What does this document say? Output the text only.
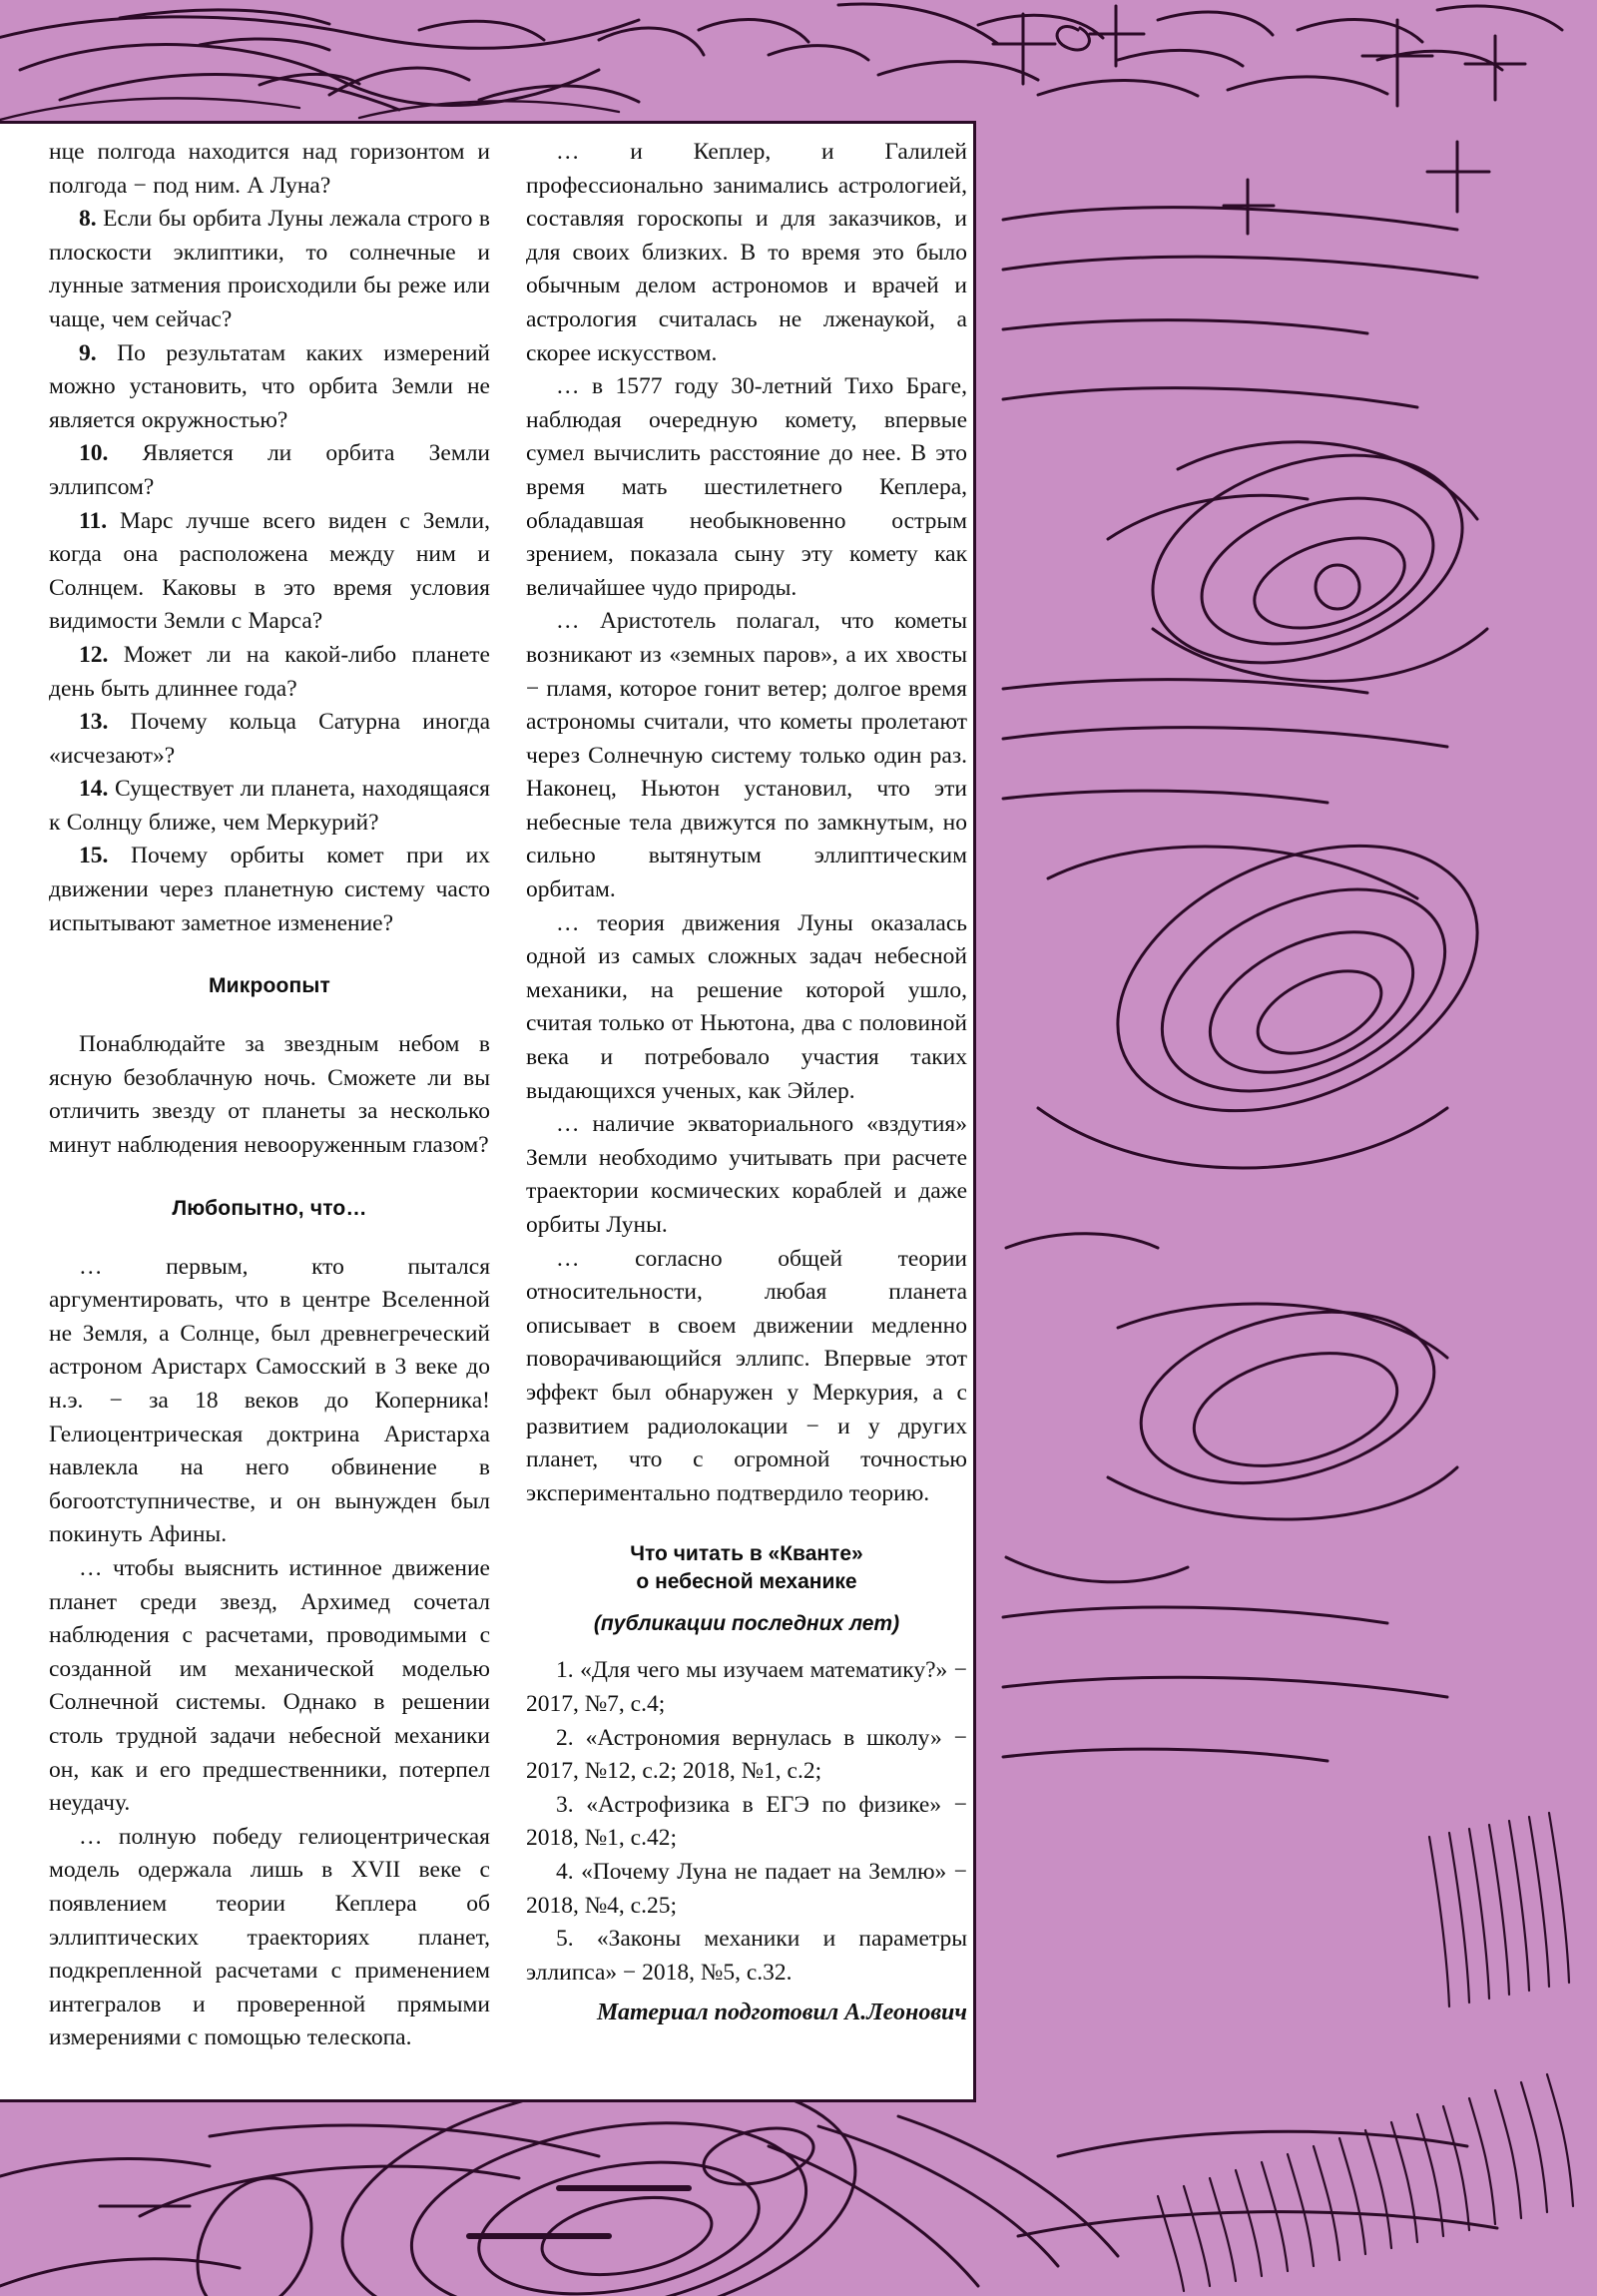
нце полгода находится над горизонтом и полгода − под ним. А Луна?

8. Если бы орбита Луны лежала строго в плоскости эклиптики, то солнечные и лунные затмения происходили бы реже или чаще, чем сейчас?

9. По результатам каких измерений можно установить, что орбита Земли не является окружностью?

10. Является ли орбита Земли эллипсом?

11. Марс лучше всего виден с Земли, когда она расположена между ним и Солнцем. Каковы в это время условия видимости Земли с Марса?

12. Может ли на какой-либо планете день быть длиннее года?

13. Почему кольца Сатурна иногда «исчезают»?

14. Существует ли планета, находящаяся к Солнцу ближе, чем Меркурий?

15. Почему орбиты комет при их движении через планетную систему часто испытывают заметное изменение?

Микроопыт

Понаблюдайте за звездным небом в ясную безоблачную ночь. Сможете ли вы отличить звезду от планеты за несколько минут наблюдения невооруженным глазом?

Любопытно, что…

… первым, кто пытался аргументировать, что в центре Вселенной не Земля, а Солнце, был древнегреческий астроном Аристарх Самосский в 3 веке до н.э. − за 18 веков до Коперника! Гелиоцентрическая доктрина Аристарха навлекла на него обвинение в богоотступничестве, и он вынужден был покинуть Афины.

… чтобы выяснить истинное движение планет среди звезд, Архимед сочетал наблюдения с расчетами, проводимыми с созданной им механической моделью Солнечной системы. Однако в решении столь трудной задачи небесной механики он, как и его предшественники, потерпел неудачу.

… полную победу гелиоцентрическая модель одержала лишь в XVII веке с появлением теории Кеплера об эллиптических траекториях планет, подкрепленной расчетами с применением интегралов и проверенной прямыми измерениями с помощью телескопа.

… и Кеплер, и Галилей профессионально занимались астрологией, составляя гороскопы и для заказчиков, и для своих близких. В то время это было обычным делом астрономов и врачей и астрология считалась не лженаукой, а скорее искусством.

… в 1577 году 30-летний Тихо Браге, наблюдая очередную комету, впервые сумел вычислить расстояние до нее. В это время мать шестилетнего Кеплера, обладавшая необыкновенно острым зрением, показала сыну эту комету как величайшее чудо природы.

… Аристотель полагал, что кометы возникают из «земных паров», а их хвосты − пламя, которое гонит ветер; долгое время астрономы считали, что кометы пролетают через Солнечную систему только один раз. Наконец, Ньютон установил, что эти небесные тела движутся по замкнутым, но сильно вытянутым эллиптическим орбитам.

… теория движения Луны оказалась одной из самых сложных задач небесной механики, на решение которой ушло, считая только от Ньютона, два с половиной века и потребовало участия таких выдающихся ученых, как Эйлер.

… наличие экваториального «вздутия» Земли необходимо учитывать при расчете траектории космических кораблей и даже орбиты Луны.

… согласно общей теории относительности, любая планета описывает в своем движении медленно поворачивающийся эллипс. Впервые этот эффект был обнаружен у Меркурия, а с развитием радиолокации − и у других планет, что с огромной точностью экспериментально подтвердило теорию.

Что читать в «Кванте»
о небесной механике

(публикации последних лет)

1. «Для чего мы изучаем математику?» − 2017, №7, с.4;

2. «Астрономия вернулась в школу» − 2017, №12, с.2; 2018, №1, с.2;

3. «Астрофизика в ЕГЭ по физике» − 2018, №1, с.42;

4. «Почему Луна не падает на Землю» − 2018, №4, с.25;

5. «Законы механики и параметры эллипса» − 2018, №5, с.32.

Материал подготовил А.Леонович
